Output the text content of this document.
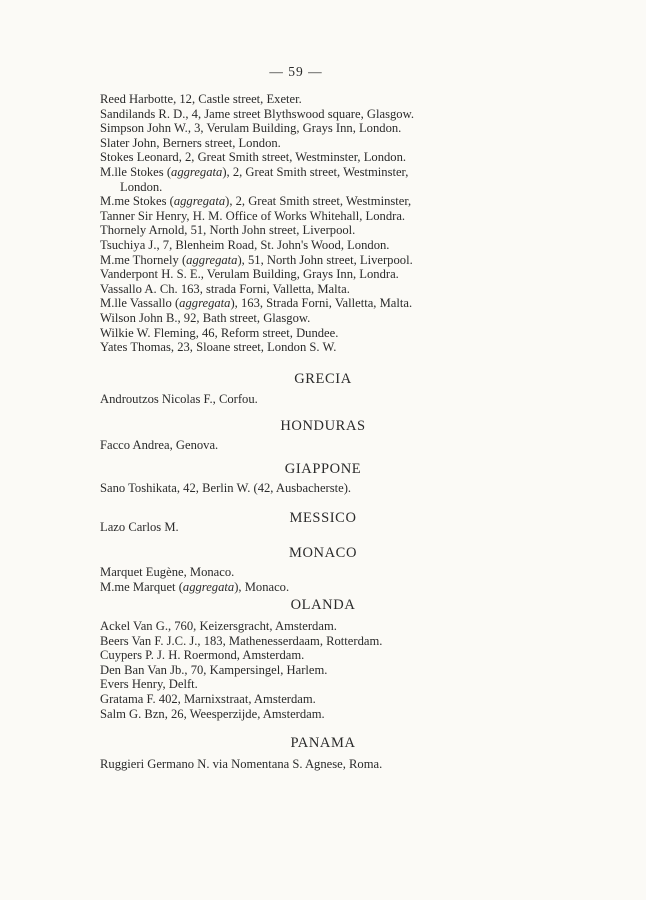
— 59 —
Reed Harbotte, 12, Castle street, Exeter.
Sandilands R. D., 4, Jame street Blythswood square, Glasgow.
Simpson John W., 3, Verulam Building, Grays Inn, London.
Slater John, Berners street, London.
Stokes Leonard, 2, Great Smith street, Westminster, London.
M.lle Stokes (aggregata), 2, Great Smith street, Westminster,
London.
M.me Stokes (aggregata), 2, Great Smith street, Westminster,
Tanner Sir Henry, H. M. Office of Works Whitehall, Londra.
Thornely Arnold, 51, North John street, Liverpool.
Tsuchiya J., 7, Blenheim Road, St. John's Wood, London.
M.me Thornely (aggregata), 51, North John street, Liverpool.
Vanderpont H. S. E., Verulam Building, Grays Inn, Londra.
Vassallo A. Ch. 163, strada Forni, Valletta, Malta.
M.lle Vassallo (aggregata), 163, Strada Forni, Valletta, Malta.
Wilson John B., 92, Bath street, Glasgow.
Wilkie W. Fleming, 46, Reform street, Dundee.
Yates Thomas, 23, Sloane street, London S. W.
GRECIA
Androutzos Nicolas F., Corfou.
HONDURAS
Facco Andrea, Genova.
GIAPPONE
Sano Toshikata, 42, Berlin W. (42, Ausbacherste).
MESSICO
Lazo Carlos M.
MONACO
Marquet Eugène, Monaco.
M.me Marquet (aggregata), Monaco.
OLANDA
Ackel Van G., 760, Keizersgracht, Amsterdam.
Beers Van F. J.C. J., 183, Mathenesserdaam, Rotterdam.
Cuypers P. J. H. Roermond, Amsterdam.
Den Ban Van Jb., 70, Kampersingel, Harlem.
Evers Henry, Delft.
Gratama F. 402, Marnixstraat, Amsterdam.
Salm G. Bzn, 26, Weesperzijde, Amsterdam.
PANAMA
Ruggieri Germano N. via Nomentana S. Agnese, Roma.
